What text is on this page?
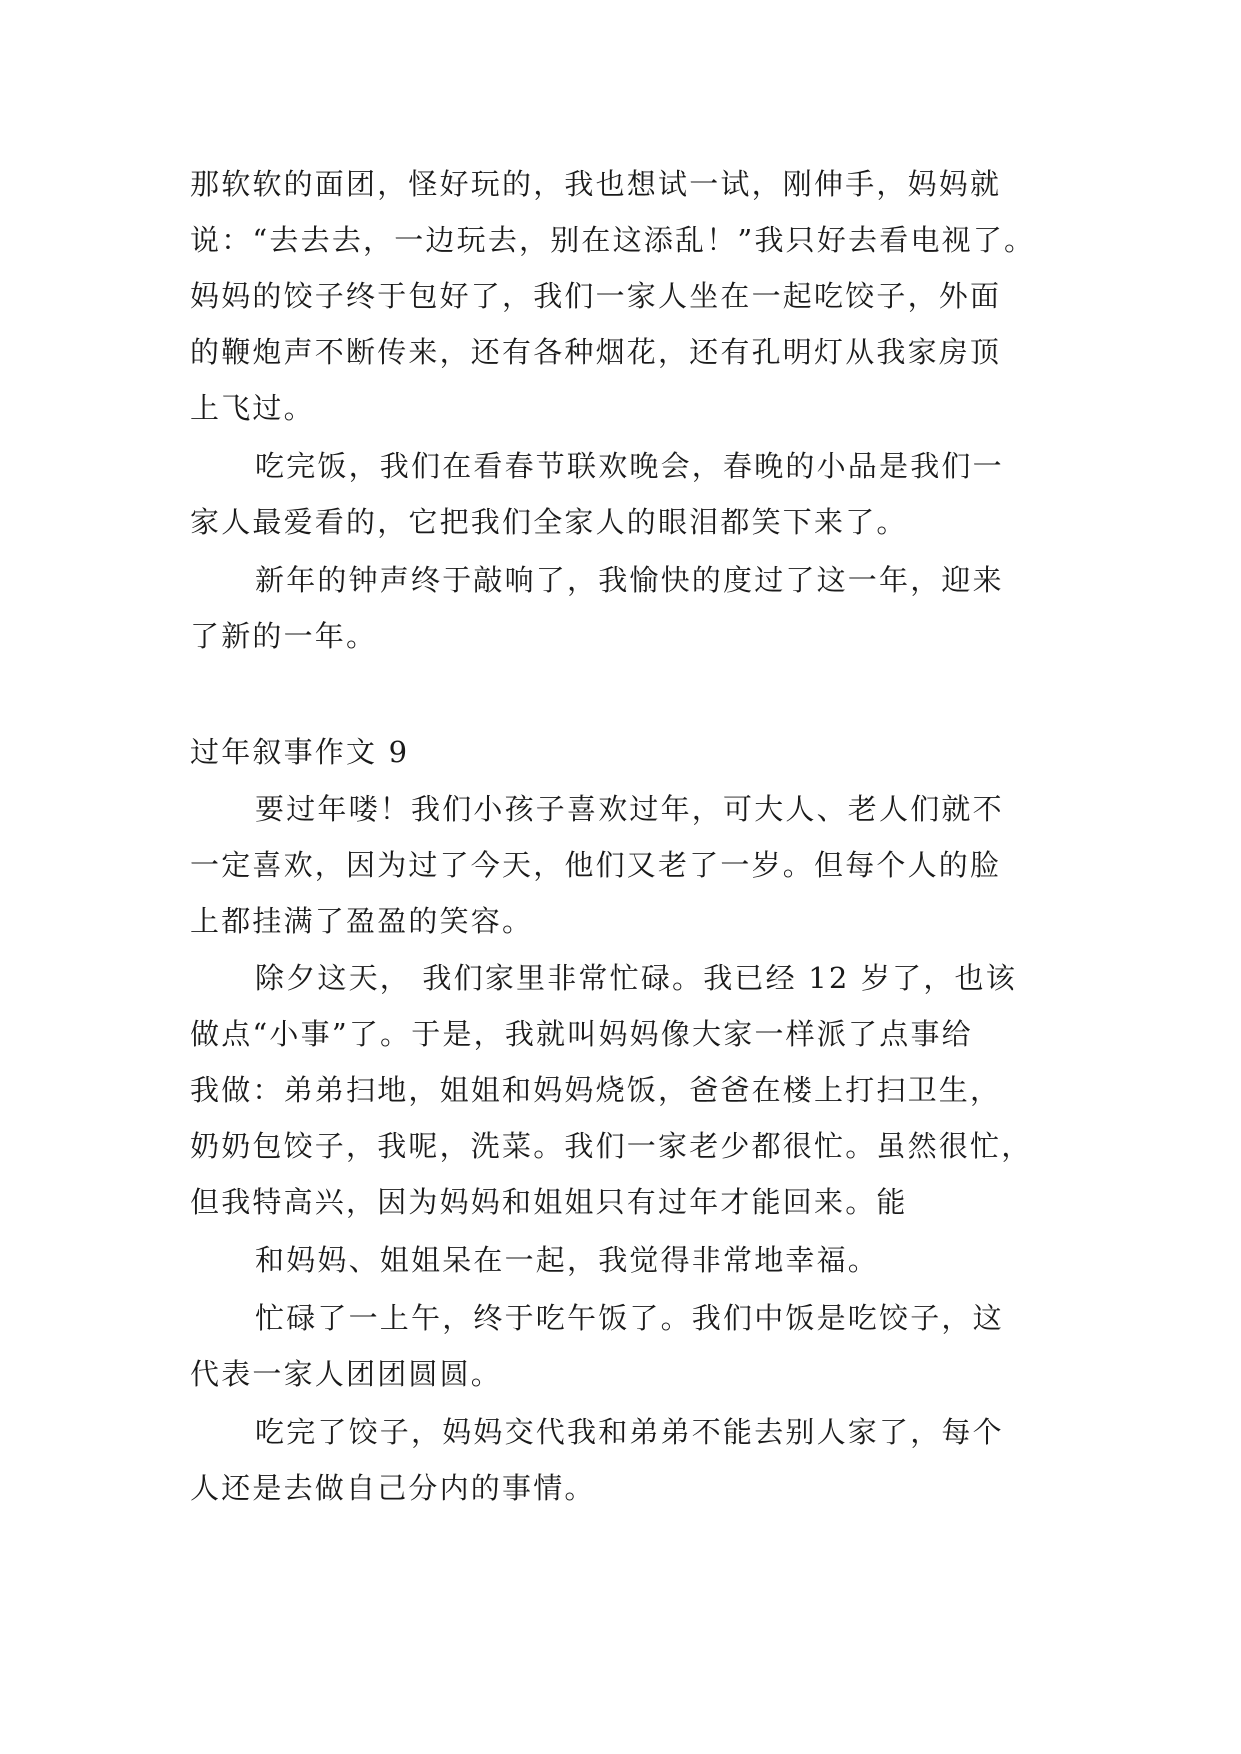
那软软的面团，怪好玩的，我也想试一试，刚伸手，妈妈就
说：“去去去，一边玩去，别在这添乱！”我只好去看电视了。
妈妈的饺子终于包好了，我们一家人坐在一起吃饺子，外面
的鞭炮声不断传来，还有各种烟花，还有孔明灯从我家房顶
上飞过。
吃完饭，我们在看春节联欢晚会，春晚的小品是我们一
家人最爱看的，它把我们全家人的眼泪都笑下来了。
新年的钟声终于敲响了，我愉快的度过了这一年，迎来
了新的一年。
过年叙事作文 9
要过年喽！我们小孩子喜欢过年，可大人、老人们就不
一定喜欢，因为过了今天，他们又老了一岁。但每个人的脸
上都挂满了盈盈的笑容。
除夕这天， 我们家里非常忙碌。我已经 12 岁了，也该
做点“小事”了。于是，我就叫妈妈像大家一样派了点事给
我做：弟弟扫地，姐姐和妈妈烧饭，爸爸在楼上打扫卫生，
奶奶包饺子，我呢，洗菜。我们一家老少都很忙。虽然很忙，
但我特高兴，因为妈妈和姐姐只有过年才能回来。能
和妈妈、姐姐呆在一起，我觉得非常地幸福。
忙碌了一上午，终于吃午饭了。我们中饭是吃饺子，这
代表一家人团团圆圆。
吃完了饺子，妈妈交代我和弟弟不能去别人家了，每个
人还是去做自己分内的事情。
